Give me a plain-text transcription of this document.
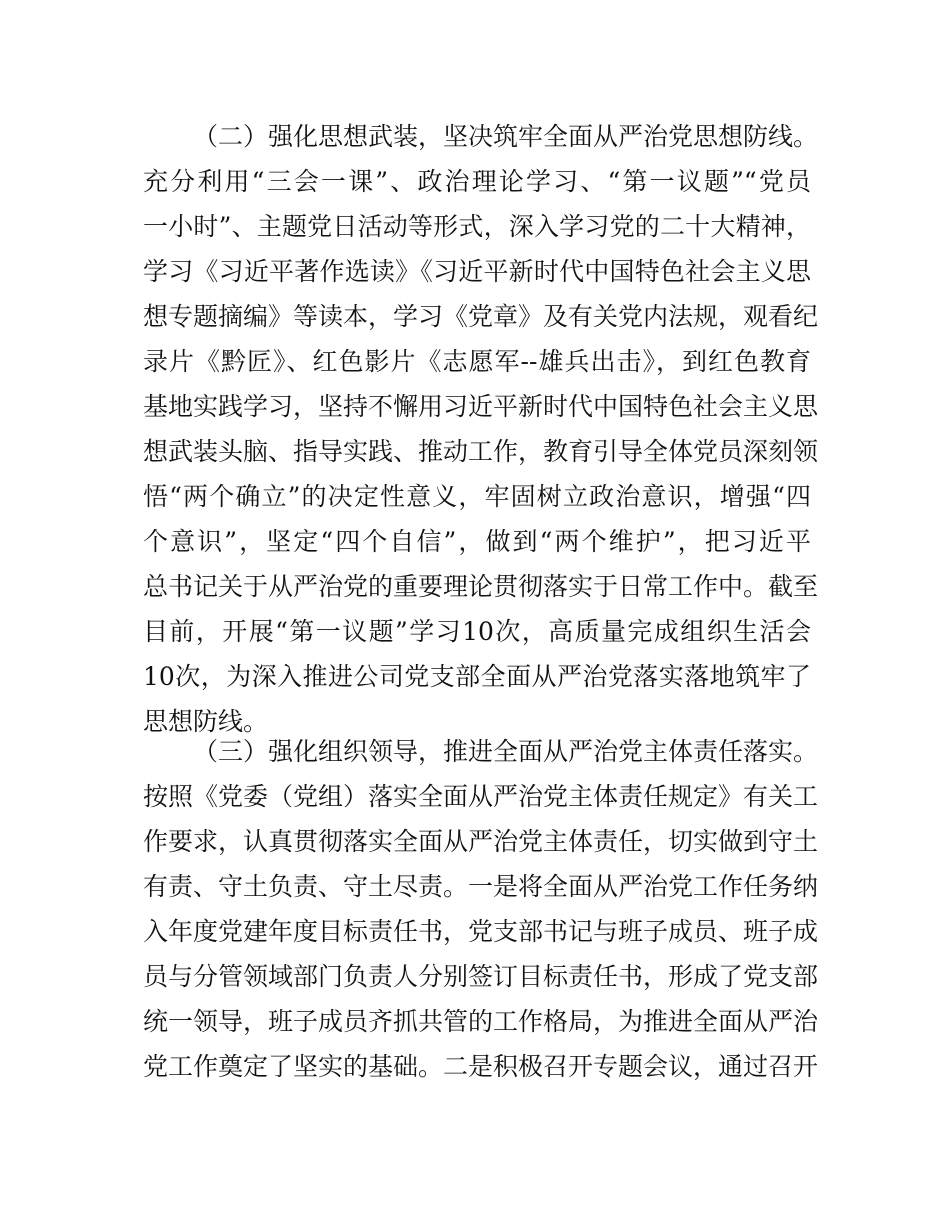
（二）强化思想武装，坚决筑牢全面从严治党思想防线。
充分利用“三会一课”、政治理论学习、“第一议题”“党员
一小时”、主题党日活动等形式，深入学习党的二十大精神，
学习《习近平著作选读》《习近平新时代中国特色社会主义思
想专题摘编》等读本，学习《党章》及有关党内法规，观看纪
录片《黔匠》、红色影片《志愿军--雄兵出击》，到红色教育
基地实践学习，坚持不懈用习近平新时代中国特色社会主义思
想武装头脑、指导实践、推动工作，教育引导全体党员深刻领
悟“两个确立”的决定性意义，牢固树立政治意识，增强“四
个意识”，坚定“四个自信”，做到“两个维护”，把习近平
总书记关于从严治党的重要理论贯彻落实于日常工作中。截至
目前，开展“第一议题”学习10次，高质量完成组织生活会
10次，为深入推进公司党支部全面从严治党落实落地筑牢了
思想防线。

（三）强化组织领导，推进全面从严治党主体责任落实。
按照《党委（党组）落实全面从严治党主体责任规定》有关工
作要求，认真贯彻落实全面从严治党主体责任，切实做到守土
有责、守土负责、守土尽责。一是将全面从严治党工作任务纳
入年度党建年度目标责任书，党支部书记与班子成员、班子成
员与分管领域部门负责人分别签订目标责任书，形成了党支部
统一领导，班子成员齐抓共管的工作格局，为推进全面从严治
党工作奠定了坚实的基础。二是积极召开专题会议，通过召开
